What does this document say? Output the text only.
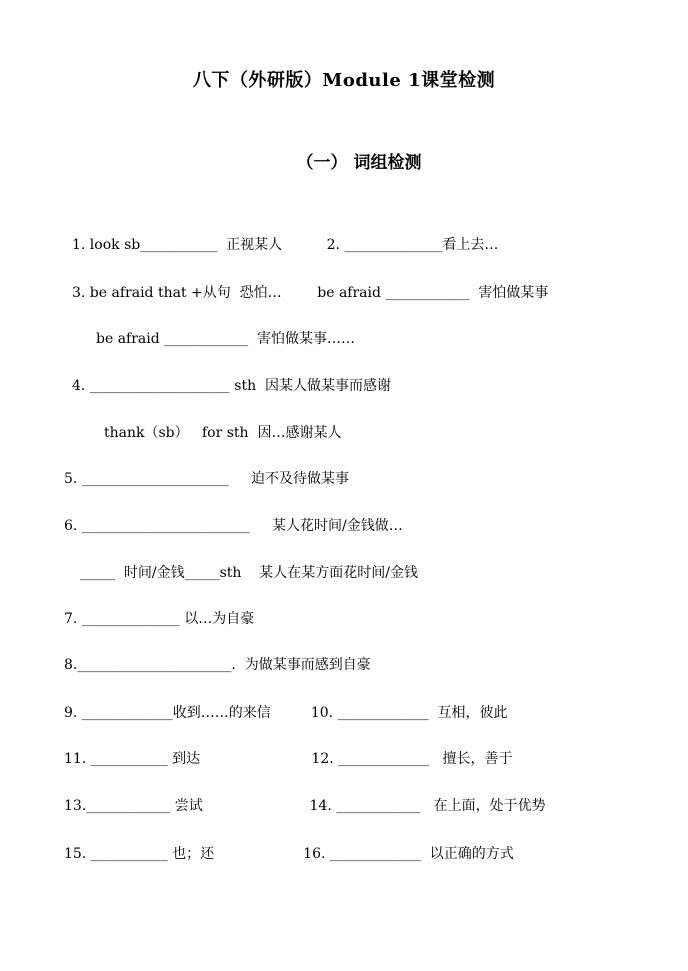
八下（外研版）Module 1课堂检测
（一） 词组检测
1. look sb___________  正视某人          2. ______________看上去…
3. be afraid that +从句  恐怕…        be afraid ____________  害怕做某事
be afraid ____________  害怕做某事……
4. ____________________ sth  因某人做某事而感谢
thank（sb）   for sth  因…感谢某人
5. _____________________     迫不及待做某事
6. ________________________     某人花时间/金钱做…
_____  时间/金钱_____sth    某人在某方面花时间/金钱
7. ______________ 以…为自豪
8.______________________.  为做某事而感到自豪
9. _____________收到……的来信         10. _____________  互相，彼此
11. ___________ 到达                         12. _____________   擅长，善于
13.____________ 尝试                        14. ____________   在上面，处于优势
15. ___________ 也；还                    16. _____________  以正确的方式
